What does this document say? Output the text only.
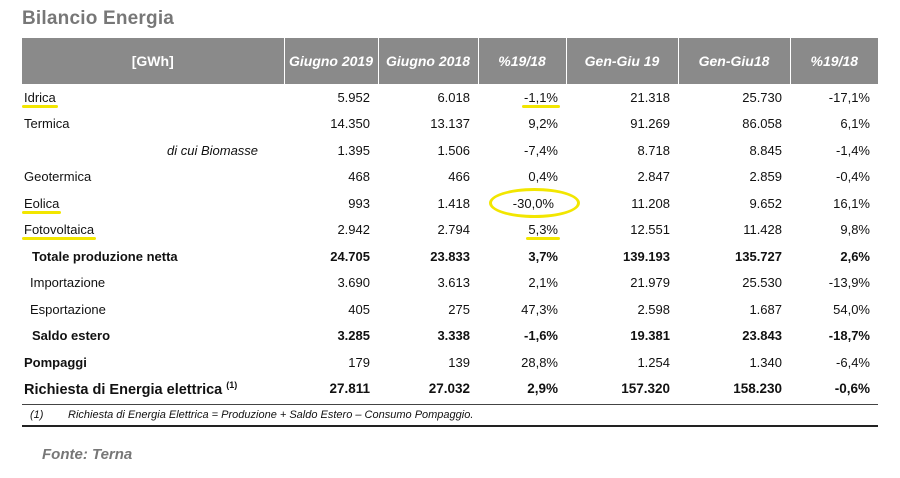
Bilancio Energia
[GWh]	Giugno 2019	Giugno 2018	%19/18	Gen-Giu 19	Gen-Giu18	%19/18
Idrica	5.952	6.018	-1,1%	21.318	25.730	-17,1%
Termica	14.350	13.137	9,2%	91.269	86.058	6,1%
di cui Biomasse	1.395	1.506	-7,4%	8.718	8.845	-1,4%
Geotermica	468	466	0,4%	2.847	2.859	-0,4%
Eolica	993	1.418	-30,0%	11.208	9.652	16,1%
Fotovoltaica	2.942	2.794	5,3%	12.551	11.428	9,8%
Totale produzione netta	24.705	23.833	3,7%	139.193	135.727	2,6%
Importazione	3.690	3.613	2,1%	21.979	25.530	-13,9%
Esportazione	405	275	47,3%	2.598	1.687	54,0%
Saldo estero	3.285	3.338	-1,6%	19.381	23.843	-18,7%
Pompaggi	179	139	28,8%	1.254	1.340	-6,4%
Richiesta di Energia elettrica $^{(1)}$	27.811	27.032	2,9%	157.320	158.230	-0,6%
(1) Richiesta di Energia Elettrica = Produzione + Saldo Estero – Consumo Pompaggio.
Fonte: Terna
